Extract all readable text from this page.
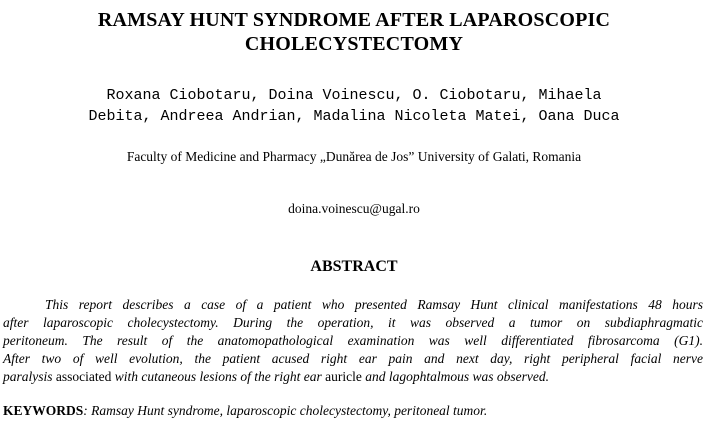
RAMSAY HUNT SYNDROME AFTER LAPAROSCOPIC
CHOLECYSTECTOMY
Roxana Ciobotaru, Doina Voinescu, O. Ciobotaru, Mihaela
Debita, Andreea Andrian, Madalina Nicoleta Matei, Oana Duca
Faculty of Medicine and Pharmacy „Dunărea de Jos” University of Galati, Romania
doina.voinescu@ugal.ro
ABSTRACT
This report describes a case of a patient who presented Ramsay Hunt clinical manifestations 48 hours
after laparoscopic cholecystectomy. During the operation, it was observed a tumor on subdiaphragmatic
peritoneum. The result of the anatomopathological examination was well differentiated fibrosarcoma (G1).
After two of well evolution, the patient acused right ear pain and next day, right peripheral facial nerve
paralysis associated with cutaneous lesions of the right ear auricle and lagophtalmous was observed.
KEYWORDS: Ramsay Hunt syndrome, laparoscopic cholecystectomy, peritoneal tumor.
